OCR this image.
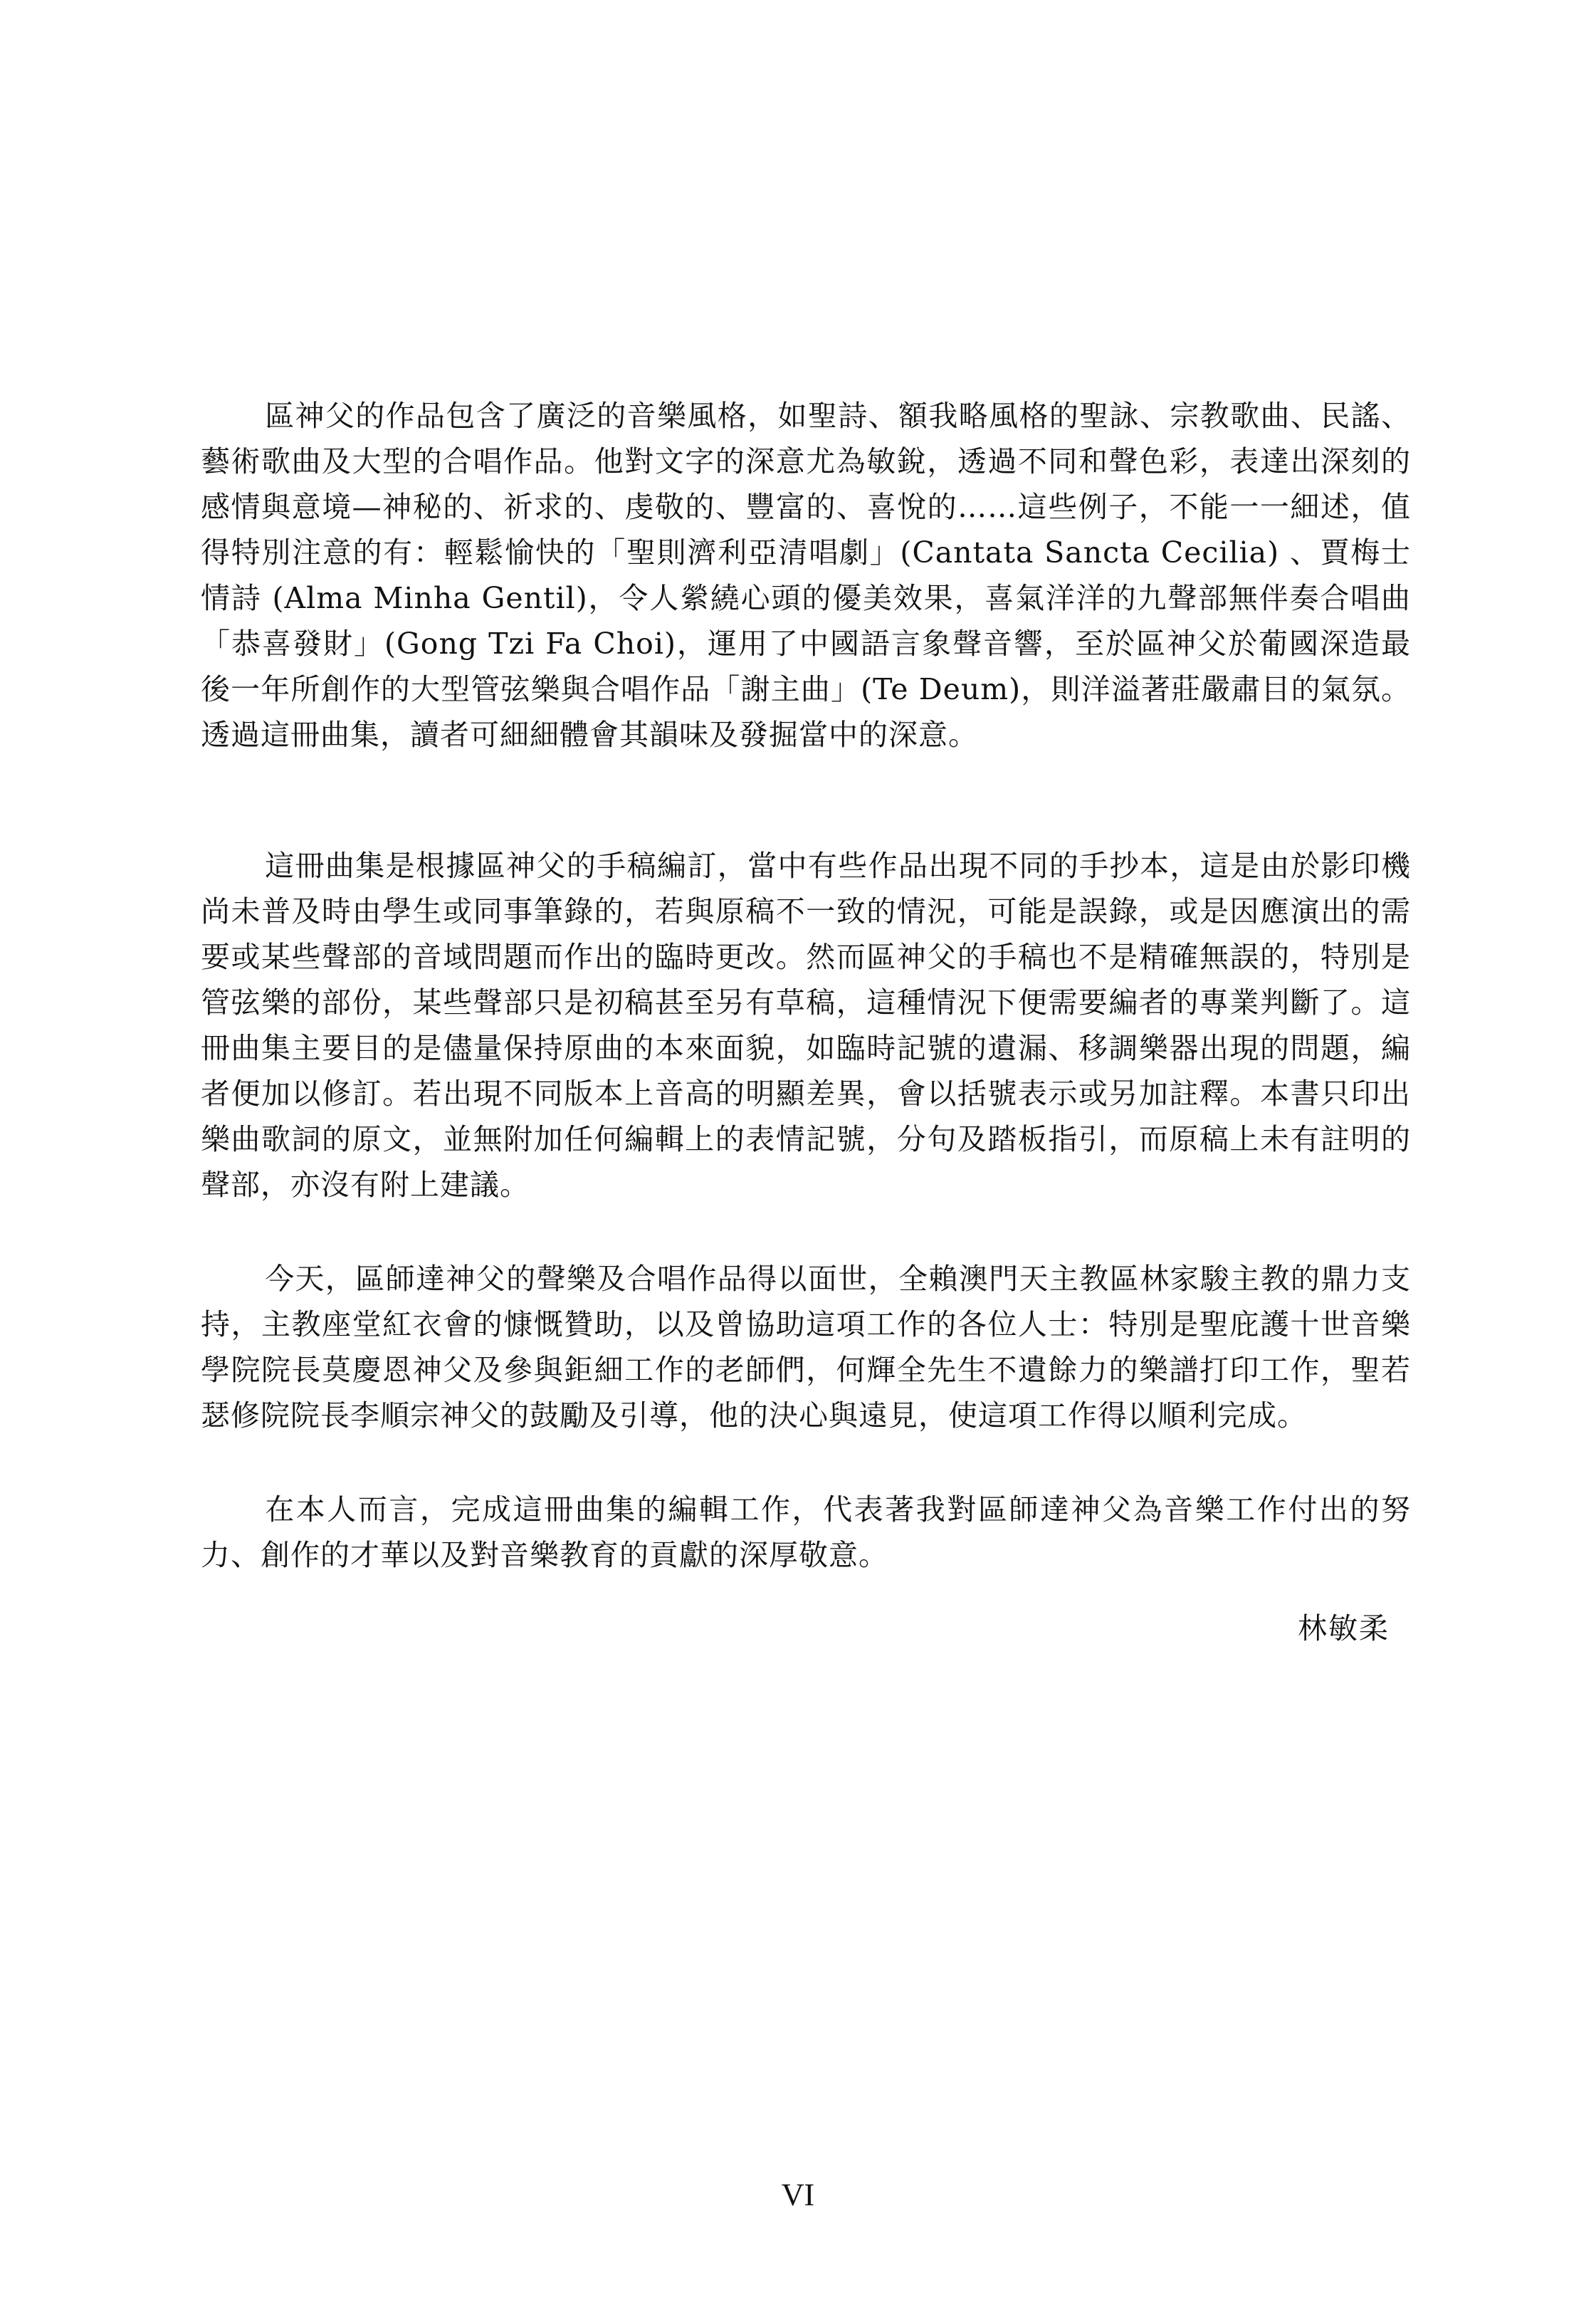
區神父的作品包含了廣泛的音樂風格，如聖詩、額我略風格的聖詠、宗教歌曲、民謠、藝術歌曲及大型的合唱作品。他對文字的深意尤為敏銳，透過不同和聲色彩，表達出深刻的感情與意境—神秘的、祈求的、虔敬的、豐富的、喜悅的……這些例子，不能一一細述，值得特別注意的有：輕鬆愉快的「聖則濟利亞清唱劇」(Cantata Sancta Cecilia) 、賈梅士情詩 (Alma Minha Gentil)，令人縈繞心頭的優美效果，喜氣洋洋的九聲部無伴奏合唱曲「恭喜發財」(Gong Tzi Fa Choi)，運用了中國語言象聲音響，至於區神父於葡國深造最後一年所創作的大型管弦樂與合唱作品「謝主曲」(Te Deum)，則洋溢著莊嚴肅目的氣氛。透過這冊曲集，讀者可細細體會其韻味及發掘當中的深意。

這冊曲集是根據區神父的手稿編訂，當中有些作品出現不同的手抄本，這是由於影印機尚未普及時由學生或同事筆錄的，若與原稿不一致的情況，可能是誤錄，或是因應演出的需要或某些聲部的音域問題而作出的臨時更改。然而區神父的手稿也不是精確無誤的，特別是管弦樂的部份，某些聲部只是初稿甚至另有草稿，這種情況下便需要編者的專業判斷了。這冊曲集主要目的是儘量保持原曲的本來面貌，如臨時記號的遺漏、移調樂器出現的問題，編者便加以修訂。若出現不同版本上音高的明顯差異，會以括號表示或另加註釋。本書只印出樂曲歌詞的原文，並無附加任何編輯上的表情記號，分句及踏板指引，而原稿上未有註明的聲部，亦沒有附上建議。

今天，區師達神父的聲樂及合唱作品得以面世，全賴澳門天主教區林家駿主教的鼎力支持，主教座堂紅衣會的慷慨贊助，以及曾協助這項工作的各位人士：特別是聖庇護十世音樂學院院長莫慶恩神父及參與鉅細工作的老師們，何輝全先生不遺餘力的樂譜打印工作，聖若瑟修院院長李順宗神父的鼓勵及引導，他的決心與遠見，使這項工作得以順利完成。

在本人而言，完成這冊曲集的編輯工作，代表著我對區師達神父為音樂工作付出的努力、創作的才華以及對音樂教育的貢獻的深厚敬意。

林敏柔
VI
